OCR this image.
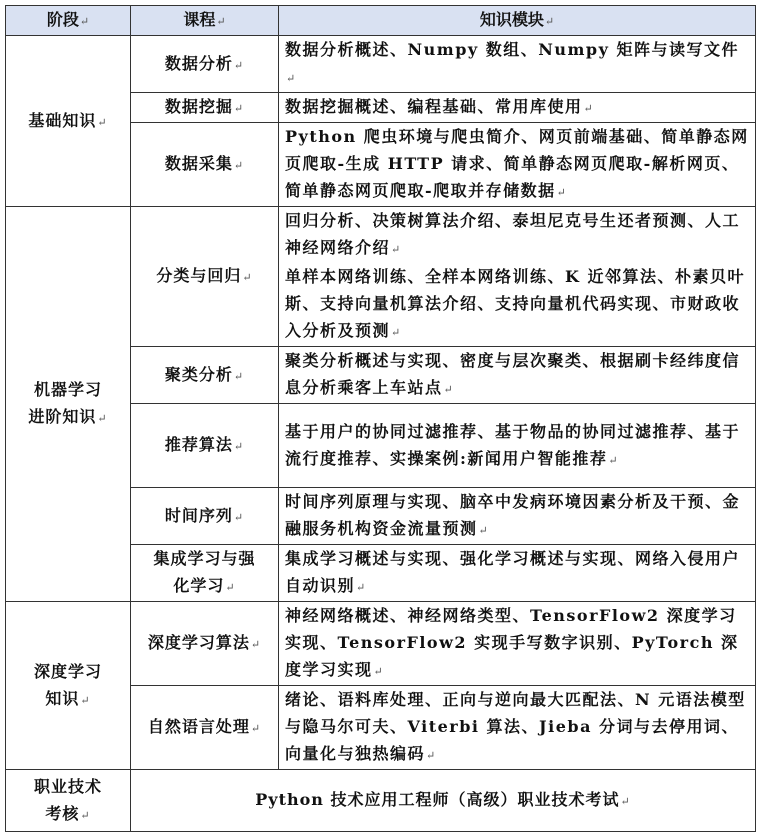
阶段↵	课程↵	知识模块↵
基础知识↵	数据分析↵	数据分析概述、Numpy 数组、Numpy 矩阵与读写文件↵
	数据挖掘↵	数据挖掘概述、编程基础、常用库使用↵
	数据采集↵	Python 爬虫环境与爬虫简介、网页前端基础、简单静态网页爬取-生成 HTTP 请求、简单静态网页爬取-解析网页、简单静态网页爬取-爬取并存储数据↵

机器学习
进阶知识↵	分类与回归↵	回归分析、决策树算法介绍、泰坦尼克号生还者预测、人工神经网络介绍↵
单样本网络训练、全样本网络训练、K 近邻算法、朴素贝叶斯、支持向量机算法介绍、支持向量机代码实现、市财政收入分析及预测↵

	聚类分析↵	聚类分析概述与实现、密度与层次聚类、根据刷卡经纬度信息分析乘客上车站点↵
	推荐算法↵	基于用户的协同过滤推荐、基于物品的协同过滤推荐、基于流行度推荐、实操案例:新闻用户智能推荐↵
	时间序列↵	时间序列原理与实现、脑卒中发病环境因素分析及干预、金融服务机构资金流量预测↵

	集成学习与强
化学习↵	集成学习概述与实现、强化学习概述与实现、网络入侵用户自动识别↵

深度学习
知识↵	深度学习算法↵	神经网络概述、神经网络类型、TensorFlow2 深度学习实现、TensorFlow2 实现手写数字识别、PyTorch 深度学习实现↵
	自然语言处理↵	绪论、语料库处理、正向与逆向最大匹配法、N 元语法模型与隐马尔可夫、Viterbi 算法、Jieba 分词与去停用词、向量化与独热编码↵

职业技术
考核↵	Python 技术应用工程师（高级）职业技术考试↵	
